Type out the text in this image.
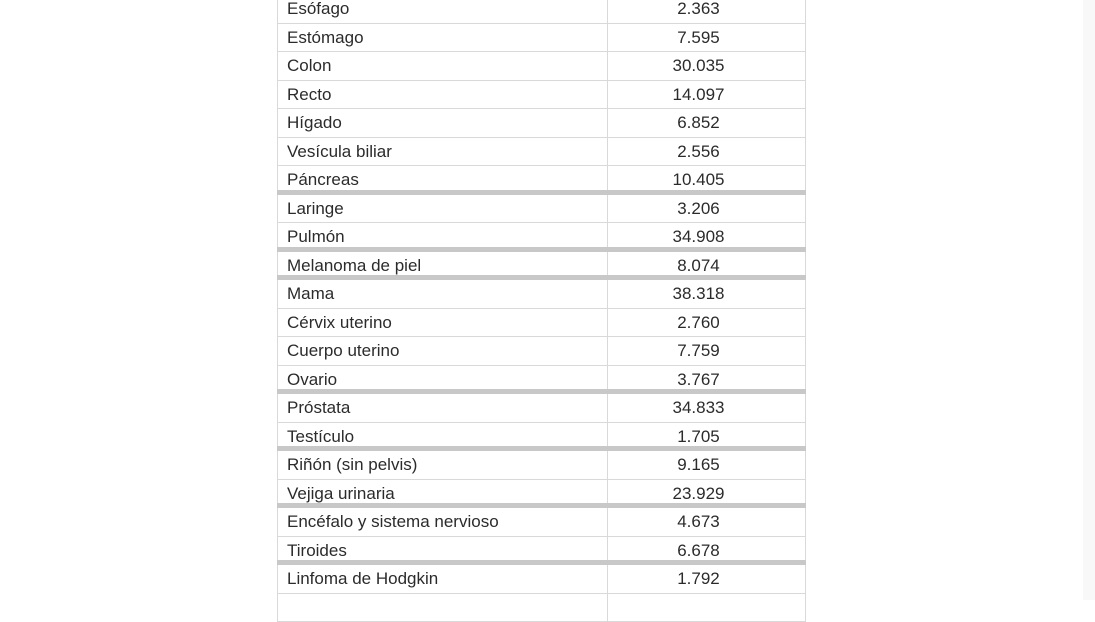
Esófago	2.363
Estómago	7.595
Colon	30.035
Recto	14.097
Hígado	6.852
Vesícula biliar	2.556
Páncreas	10.405
Laringe	3.206
Pulmón	34.908
Melanoma de piel	8.074
Mama	38.318
Cérvix uterino	2.760
Cuerpo uterino	7.759
Ovario	3.767
Próstata	34.833
Testículo	1.705
Riñón (sin pelvis)	9.165
Vejiga urinaria	23.929
Encéfalo y sistema nervioso	4.673
Tiroides	6.678
Linfoma de Hodgkin	1.792
